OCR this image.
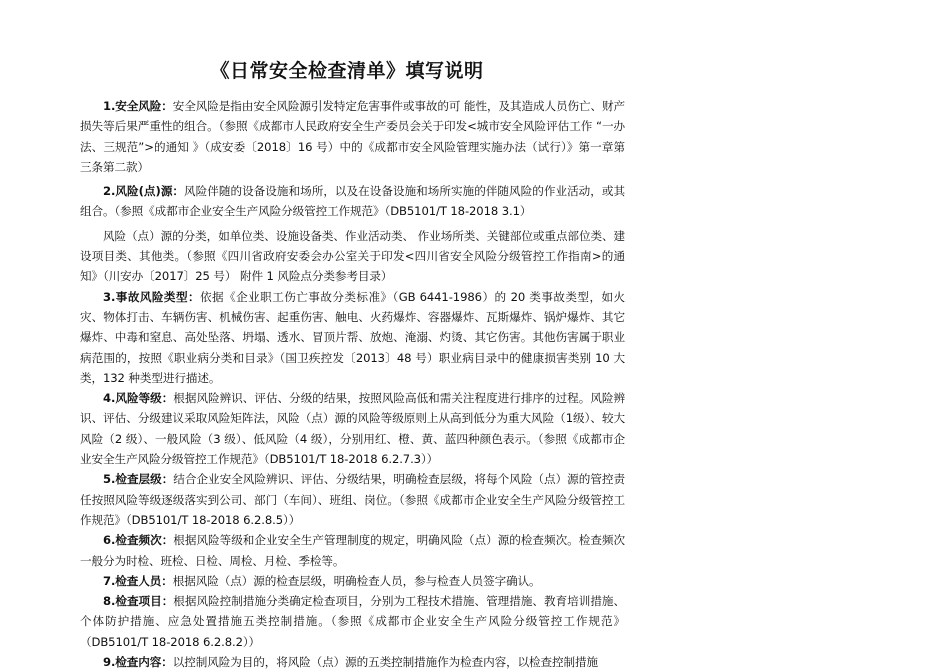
《日常安全检查清单》填写说明

1.安全风险：安全风险是指由安全风险源引发特定危害事件或事故的可 能性，及其造成人员伤亡、财产损失等后果严重性的组合。（参照《成都市人民政府安全生产委员会关于印发<城市安全风险评估工作 “一办法、三规范”>的通知 》（成安委〔2018〕16 号）中的《成都市安全风险管理实施办法（试行）》第一章第三条第二款）

2.风险(点)源：风险伴随的设备设施和场所，以及在设备设施和场所实施的伴随风险的作业活动，或其组合。（参照《成都市企业安全生产风险分级管控工作规范》（DB5101/T 18-2018 3.1）

风险（点）源的分类，如单位类、设施设备类、作业活动类、 作业场所类、关键部位或重点部位类、建设项目类、其他类。（参照《四川省政府安委会办公室关于印发<四川省安全风险分级管控工作指南>的通知》（川安办〔2017〕25 号） 附件 1 风险点分类参考目录）

3.事故风险类型：依据《企业职工伤亡事故分类标准》（GB 6441-1986）的 20 类事故类型，如火灾、物体打击、车辆伤害、机械伤害、起重伤害、触电、火药爆炸、容器爆炸、瓦斯爆炸、锅炉爆炸、其它爆炸、中毒和窒息、高处坠落、坍塌、透水、冒顶片帮、放炮、淹溺、灼烫、其它伤害。其他伤害属于职业病范围的，按照《职业病分类和目录》（国卫疾控发〔2013〕48 号）职业病目录中的健康损害类别 10 大类，132 种类型进行描述。

4.风险等级：根据风险辨识、评估、分级的结果，按照风险高低和需关注程度进行排序的过程。风险辨识、评估、分级建议采取风险矩阵法，风险（点）源的风险等级原则上从高到低分为重大风险（1级）、较大风险（2 级）、一般风险（3 级）、低风险（4 级），分别用红、橙、黄、蓝四种颜色表示。（参照《成都市企业安全生产风险分级管控工作规范》（DB5101/T 18-2018 6.2.7.3））

5.检查层级：结合企业安全风险辨识、评估、分级结果，明确检查层级，将每个风险（点）源的管控责任按照风险等级逐级落实到公司、部门（车间）、班组、岗位。（参照《成都市企业安全生产风险分级管控工作规范》（DB5101/T 18-2018 6.2.8.5））

6.检查频次：根据风险等级和企业安全生产管理制度的规定，明确风险（点）源的检查频次。检查频次一般分为时检、班检、日检、周检、月检、季检等。

7.检查人员：根据风险（点）源的检查层级，明确检查人员，参与检查人员签字确认。

8.检查项目：根据风险控制措施分类确定检查项目，分别为工程技术措施、管理措施、教育培训措施、个体防护措施、应急处置措施五类控制措施。（参照《成都市企业安全生产风险分级管控工作规范》（DB5101/T 18-2018 6.2.8.2））

9.检查内容：以控制风险为目的，将风险（点）源的五类控制措施作为检查内容，以检查控制措施
